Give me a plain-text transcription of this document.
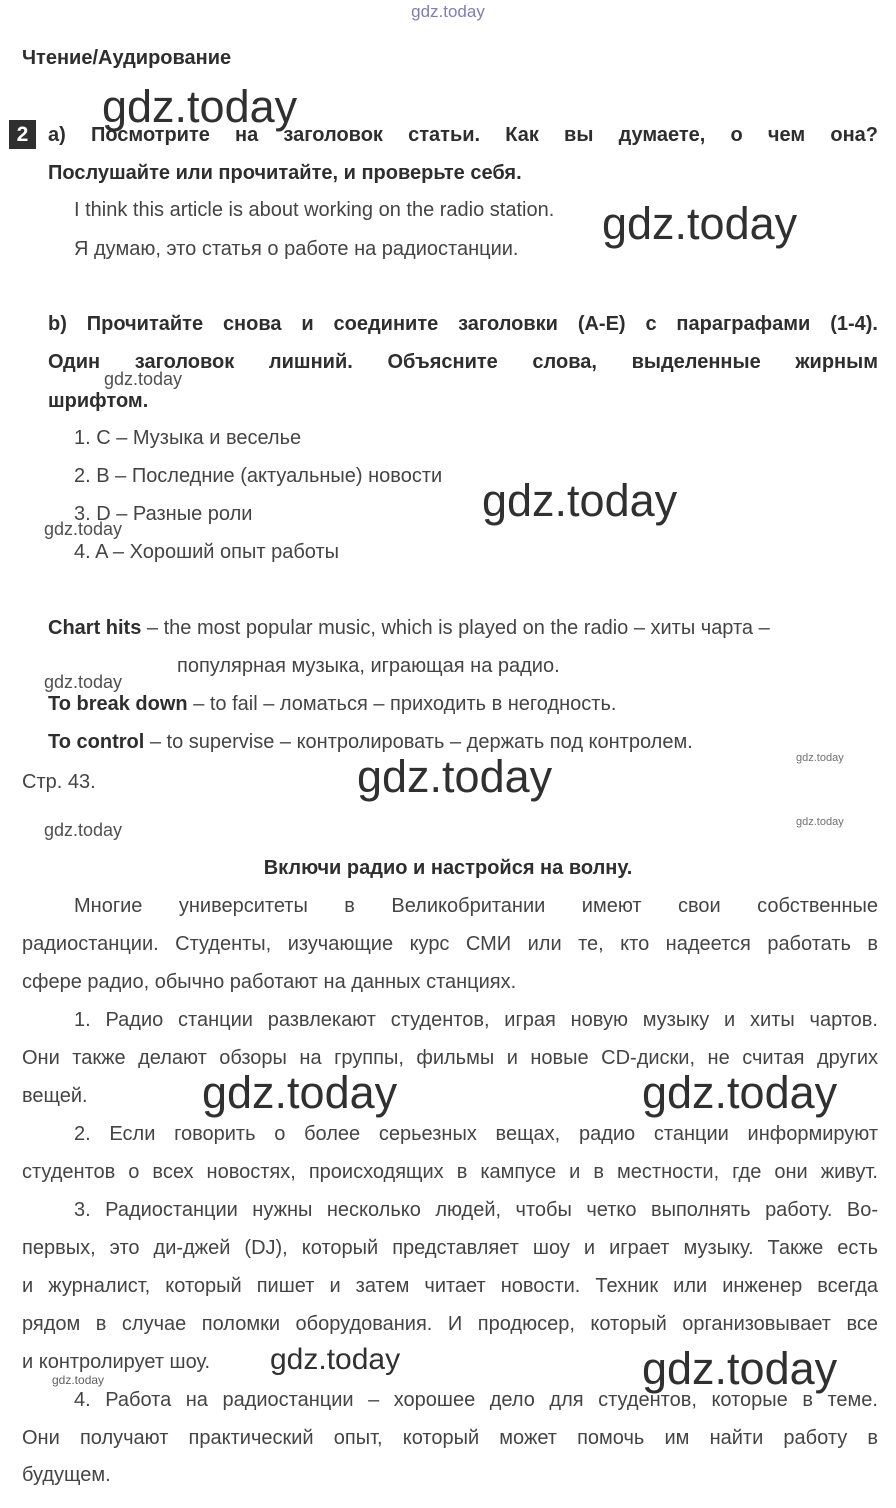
gdz.today
gdz.today
gdz.today
gdz.today
gdz.today
gdz.today
gdz.today
gdz.today
gdz.today
gdz.today
gdz.today
gdz.today	gdz.today
gdz.today	gdz.today
gdz.today
Чтение/Аудирование
2 a) Посмотрите на заголовок статьи. Как вы думаете, о чем она?
Послушайте или прочитайте, и проверьте себя.
I think this article is about working on the radio station.
Я думаю, это статья о работе на радиостанции.
b) Прочитайте снова и соедините заголовки (A-E) с параграфами (1-4).
Один заголовок лишний. Объясните слова, выделенные жирным
шрифтом.
1. C – Музыка и веселье
2. B – Последние (актуальные) новости
3. D – Разные роли
4. A – Хороший опыт работы
Chart hits – the most popular music, which is played on the radio – хиты чарта –
популярная музыка, играющая на радио.
To break down – to fail – ломаться – приходить в негодность.
To control – to supervise – контролировать – держать под контролем.
Стр. 43.
Включи радио и настройся на волну.
Многие университеты в Великобритании имеют свои собственные
радиостанции. Студенты, изучающие курс СМИ или те, кто надеется работать в
сфере радио, обычно работают на данных станциях.
1. Радио станции развлекают студентов, играя новую музыку и хиты чартов.
Они также делают обзоры на группы, фильмы и новые CD-диски, не считая других
вещей.
2. Если говорить о более серьезных вещах, радио станции информируют
студентов о всех новостях, происходящих в кампусе и в местности, где они живут.
3. Радиостанции нужны несколько людей, чтобы четко выполнять работу. Во-
первых, это ди-джей (DJ), который представляет шоу и играет музыку. Также есть
и журналист, который пишет и затем читает новости. Техник или инженер всегда
рядом в случае поломки оборудования. И продюсер, который организовывает все
и контролирует шоу.
4. Работа на радиостанции – хорошее дело для студентов, которые в теме.
Они получают практический опыт, который может помочь им найти работу в
будущем.
